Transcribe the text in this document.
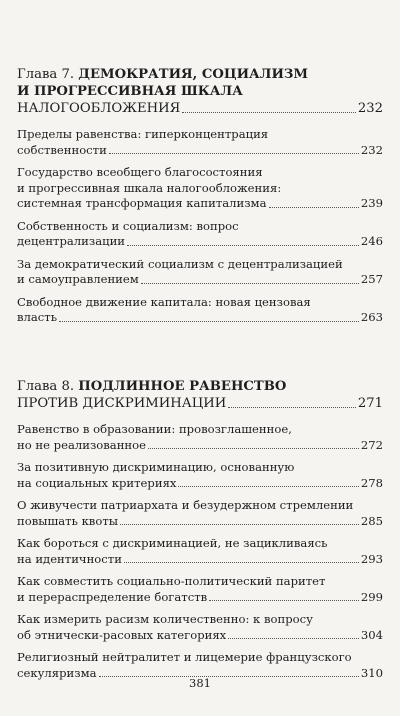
Глава 7. ДЕМОКРАТИЯ, СОЦИАЛИЗМ
И ПРОГРЕССИВНАЯ ШКАЛА
НАЛОГООБЛОЖЕНИЯ	232
Пределы равенства: гиперконцентрация
собственности	232
Государство всеобщего благосостояния
и прогрессивная шкала налогообложения:
системная трансформация капитализма	239
Собственность и социализм: вопрос
децентрализации	246
За демократический социализм с децентрализацией
и самоуправлением	257
Свободное движение капитала: новая цензовая
власть	263
Глава 8. ПОДЛИННОЕ РАВЕНСТВО
ПРОТИВ ДИСКРИМИНАЦИИ	271
Равенство в образовании: провозглашенное,
но не реализованное	272
За позитивную дискриминацию, основанную
на социальных критериях	278
О живучести патриархата и безудержном стремлении
повышать квоты	285
Как бороться с дискриминацией, не зацикливаясь
на идентичности	293
Как совместить социально-политический паритет
и перераспределение богатств	299
Как измерить расизм количественно: к вопросу
об этнически-расовых категориях	304
Религиозный нейтралитет и лицемерие французского
секуляризма	310
381
